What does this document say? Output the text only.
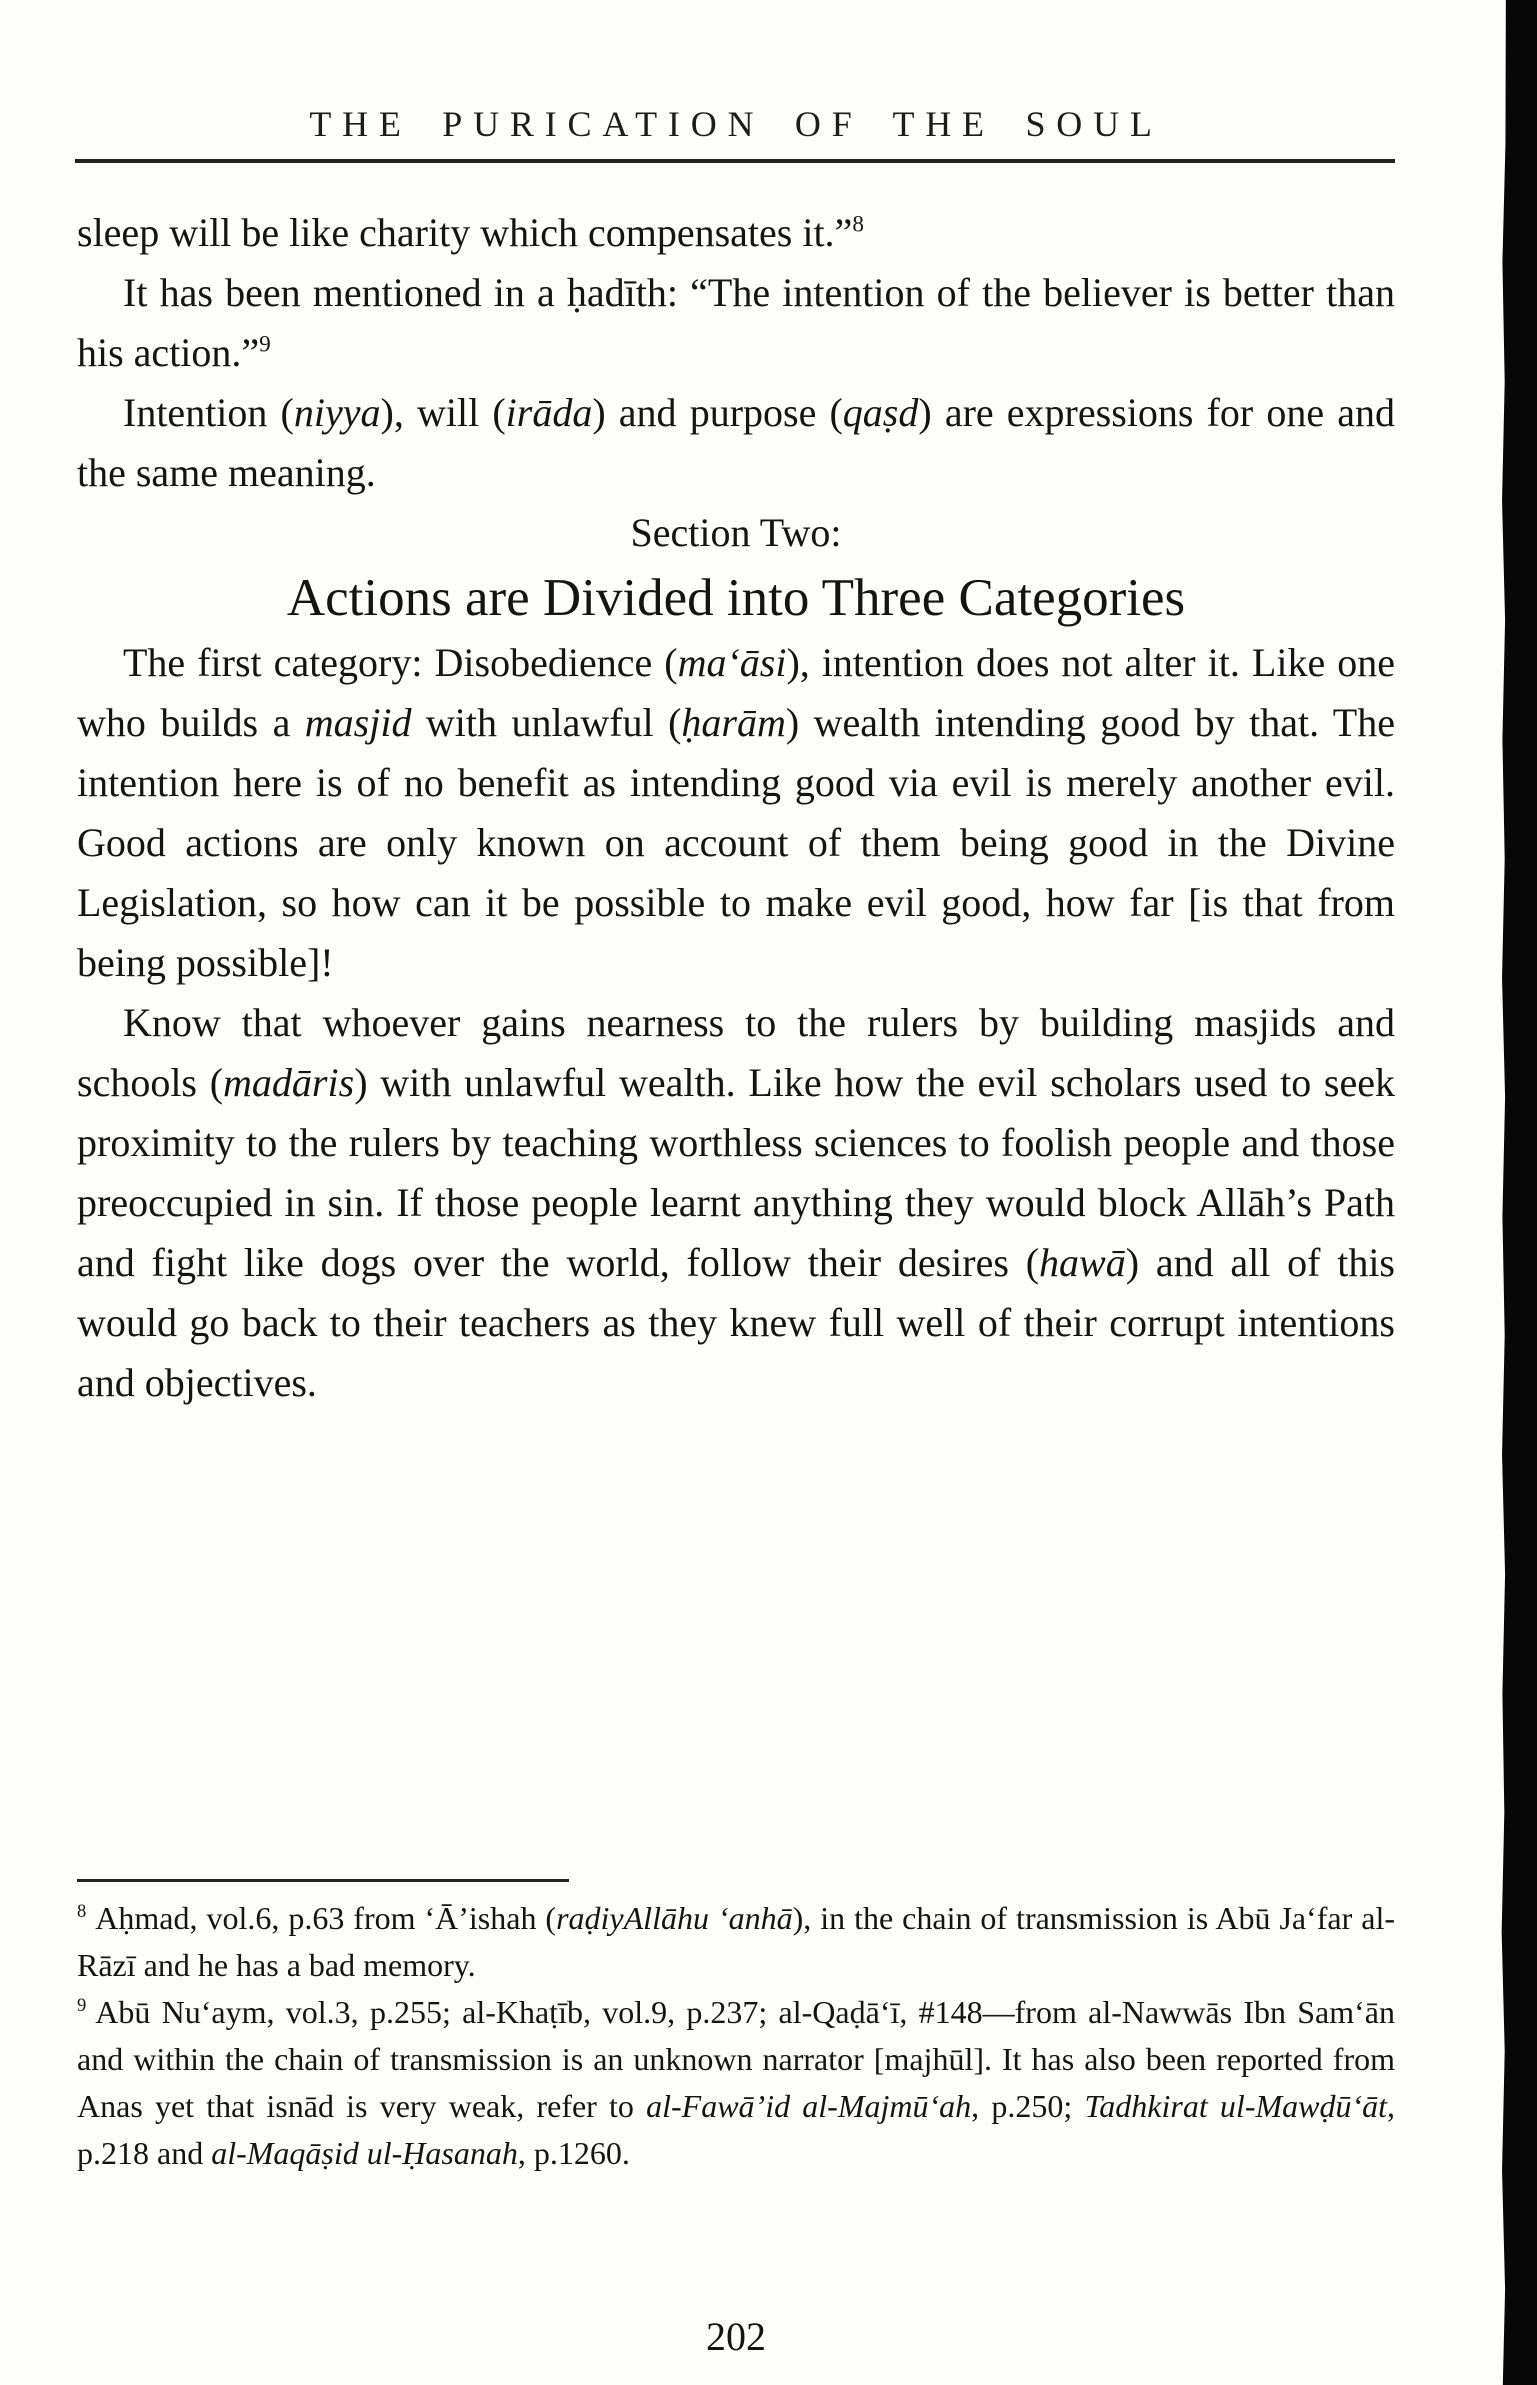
THE PURICATION OF THE SOUL

sleep will be like charity which compensates it.”$^8$

It has been mentioned in a ḥadīth: “The intention of the believer is better than his action.”$^9$

Intention (niyya), will (irāda) and purpose (qaṣd) are expressions for one and the same meaning.

Section Two:

Actions are Divided into Three Categories

The first category: Disobedience (ma‘āsi), intention does not alter it. Like one who builds a masjid with unlawful (ḥarām) wealth intending good by that. The intention here is of no benefit as intending good via evil is merely another evil. Good actions are only known on account of them being good in the Divine Legislation, so how can it be possible to make evil good, how far [is that from being possible]!

Know that whoever gains nearness to the rulers by building masjids and schools (madāris) with unlawful wealth. Like how the evil scholars used to seek proximity to the rulers by teaching worthless sciences to foolish people and those preoccupied in sin. If those people learnt anything they would block Allāh’s Path and fight like dogs over the world, follow their desires (hawā) and all of this would go back to their teachers as they knew full well of their corrupt intentions and objectives.

$^8$ Aḥmad, vol.6, p.63 from ‘Ā’ishah (raḍiyAllāhu ‘anhā), in the chain of transmission is Abū Ja‘far al-Rāzī and he has a bad memory.

$^9$ Abū Nu‘aym, vol.3, p.255; al-Khaṭīb, vol.9, p.237; al-Qaḍā‘ī, #148—from al-Nawwās Ibn Sam‘ān and within the chain of transmission is an unknown narrator [majhūl]. It has also been reported from Anas yet that isnād is very weak, refer to al-Fawā’id al-Majmū‘ah, p.250; Tadhkirat ul-Mawḍū‘āt, p.218 and al-Maqāṣid ul-Ḥasanah, p.1260.

202
